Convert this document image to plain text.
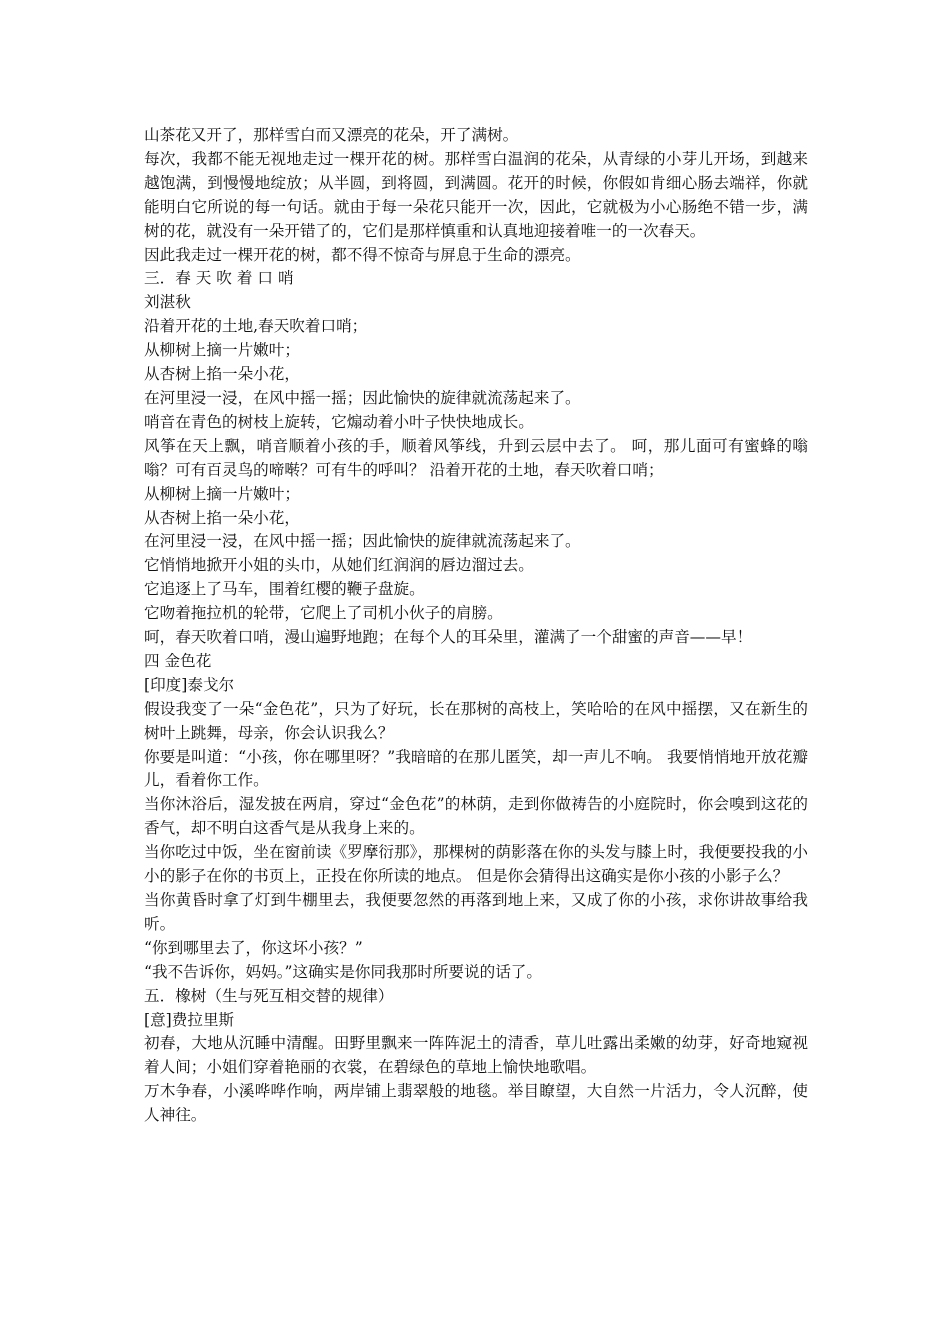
山茶花又开了，那样雪白而又漂亮的花朵，开了满树。

每次，我都不能无视地走过一棵开花的树。那样雪白温润的花朵，从青绿的小芽儿开场，到越来越饱满，到慢慢地绽放；从半圆，到将圆，到满圆。花开的时候，你假如肯细心肠去端祥，你就能明白它所说的每一句话。就由于每一朵花只能开一次，因此，它就极为小心肠绝不错一步，满树的花，就没有一朵开错了的，它们是那样慎重和认真地迎接着唯一的一次春天。

因此我走过一棵开花的树，都不得不惊奇与屏息于生命的漂亮。

三．春 天 吹 着 口 哨

刘湛秋

沿着开花的土地,春天吹着口哨；

从柳树上摘一片嫩叶；

从杏树上掐一朵小花，

在河里浸一浸，在风中摇一摇；因此愉快的旋律就流荡起来了。

哨音在青色的树枝上旋转，它煽动着小叶子快快地成长。

风筝在天上飘，哨音顺着小孩的手，顺着风筝线，升到云层中去了。 呵，那儿面可有蜜蜂的嗡嗡？可有百灵鸟的啼啭？可有牛的呼叫？ 沿着开花的土地，春天吹着口哨；

从柳树上摘一片嫩叶；

从杏树上掐一朵小花，

在河里浸一浸，在风中摇一摇；因此愉快的旋律就流荡起来了。

它悄悄地掀开小姐的头巾，从她们红润润的唇边溜过去。

它追逐上了马车，围着红樱的鞭子盘旋。

它吻着拖拉机的轮带，它爬上了司机小伙子的肩膀。

呵，春天吹着口哨，漫山遍野地跑；在每个人的耳朵里，灌满了一个甜蜜的声音——早！

四 金色花

[印度]泰戈尔

假设我变了一朵“金色花”，只为了好玩，长在那树的高枝上，笑哈哈的在风中摇摆，又在新生的树叶上跳舞，母亲，你会认识我么？

你要是叫道：“小孩，你在哪里呀？”我暗暗的在那儿匿笑，却一声儿不响。 我要悄悄地开放花瓣儿，看着你工作。

当你沐浴后，湿发披在两肩，穿过“金色花”的林荫，走到你做祷告的小庭院时，你会嗅到这花的香气，却不明白这香气是从我身上来的。

当你吃过中饭，坐在窗前读《罗摩衍那》，那棵树的荫影落在你的头发与膝上时，我便要投我的小小的影子在你的书页上，正投在你所读的地点。 但是你会猜得出这确实是你小孩的小影子么？

当你黄昏时拿了灯到牛棚里去，我便要忽然的再落到地上来，又成了你的小孩，求你讲故事给我听。

“你到哪里去了，你这坏小孩？”

“我不告诉你，妈妈。”这确实是你同我那时所要说的话了。

五．橡树（生与死互相交替的规律）

[意]费拉里斯

初春，大地从沉睡中清醒。田野里飘来一阵阵泥土的清香，草儿吐露出柔嫩的幼芽，好奇地窥视着人间；小姐们穿着艳丽的衣裳，在碧绿色的草地上愉快地歌唱。

万木争春，小溪哗哗作响，两岸铺上翡翠般的地毯。举目瞭望，大自然一片活力，令人沉醉，使人神往。
